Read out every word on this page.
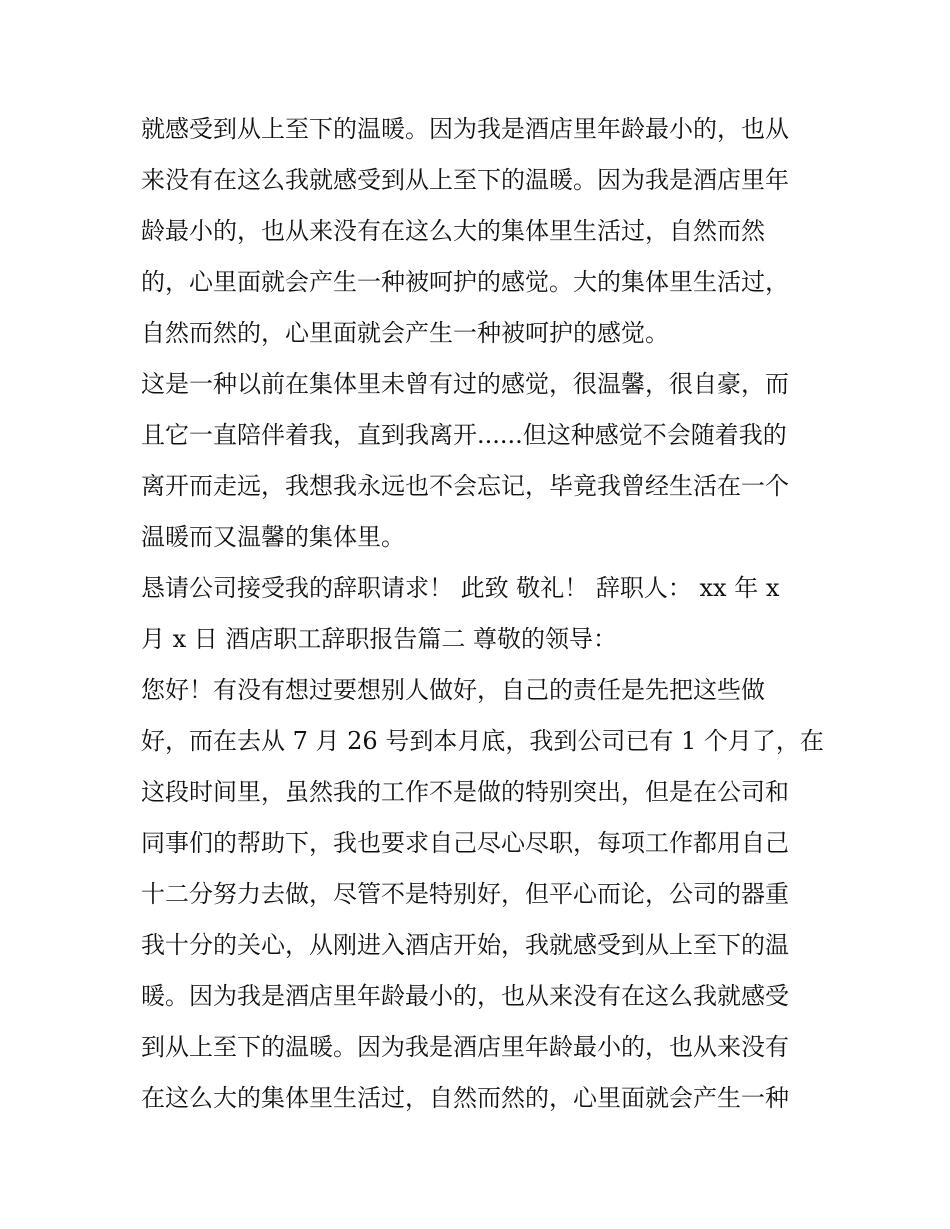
就感受到从上至下的温暖。因为我是酒店里年龄最小的，也从
来没有在这么我就感受到从上至下的温暖。因为我是酒店里年
龄最小的，也从来没有在这么大的集体里生活过，自然而然
的，心里面就会产生一种被呵护的感觉。大的集体里生活过，
自然而然的，心里面就会产生一种被呵护的感觉。
这是一种以前在集体里未曾有过的感觉，很温馨，很自豪，而
且它一直陪伴着我，直到我离开......但这种感觉不会随着我的
离开而走远，我想我永远也不会忘记，毕竟我曾经生活在一个
温暖而又温馨的集体里。
恳请公司接受我的辞职请求！ 此致 敬礼！ 辞职人： xx 年 x
月 x 日 酒店职工辞职报告篇二 尊敬的领导：
您好！有没有想过要想别人做好，自己的责任是先把这些做
好，而在去从 7 月 26 号到本月底，我到公司已有 1 个月了，在
这段时间里，虽然我的工作不是做的特别突出，但是在公司和
同事们的帮助下，我也要求自己尽心尽职，每项工作都用自己
十二分努力去做，尽管不是特别好，但平心而论，公司的器重
我十分的关心，从刚进入酒店开始，我就感受到从上至下的温
暖。因为我是酒店里年龄最小的，也从来没有在这么我就感受
到从上至下的温暖。因为我是酒店里年龄最小的，也从来没有
在这么大的集体里生活过，自然而然的，心里面就会产生一种
